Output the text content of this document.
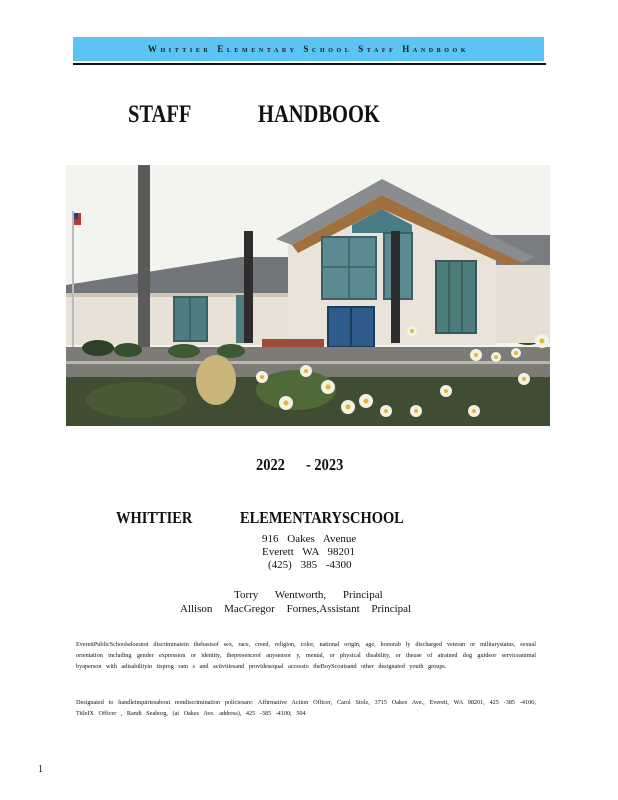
Whittier Elementary School Staff Handbook
STAFF	HANDBOOK
2022 - 2023
WHITTIER	ELEMENTARYSCHOOL
916 Oakes Avenue
Everett WA 98201
(425) 385 -4300
Torry Wentworth, Principal
Allison MacGregor Fornes,Assistant Principal
EverettPublicSchoolsdoesnot discriminatein thebasisof sex, race, creed, religion, color, national origin, age, honorab ly discharged veteran or militarystatus, sexual orientation including gender expression or identity, thepresenceof anysensor y, mental, or physical disability, or theuse of atrained dog guideor serviceanimal byaperson with adisabilityin itsprog ram s and activitiesand providesequal accessto theBoyScoutsand other designated youth groups.
Designated to handleinquiriesabout nondiscrimination policiesare: Affirmative Action Officer, Carol Stolz, 3715 Oakes Ave., Everett, WA 98201, 425 -385 -4106; TitleIX Officer , Randi Seaborg, (at Oakes Ave. address), 425 -385 -4100; 504
1
